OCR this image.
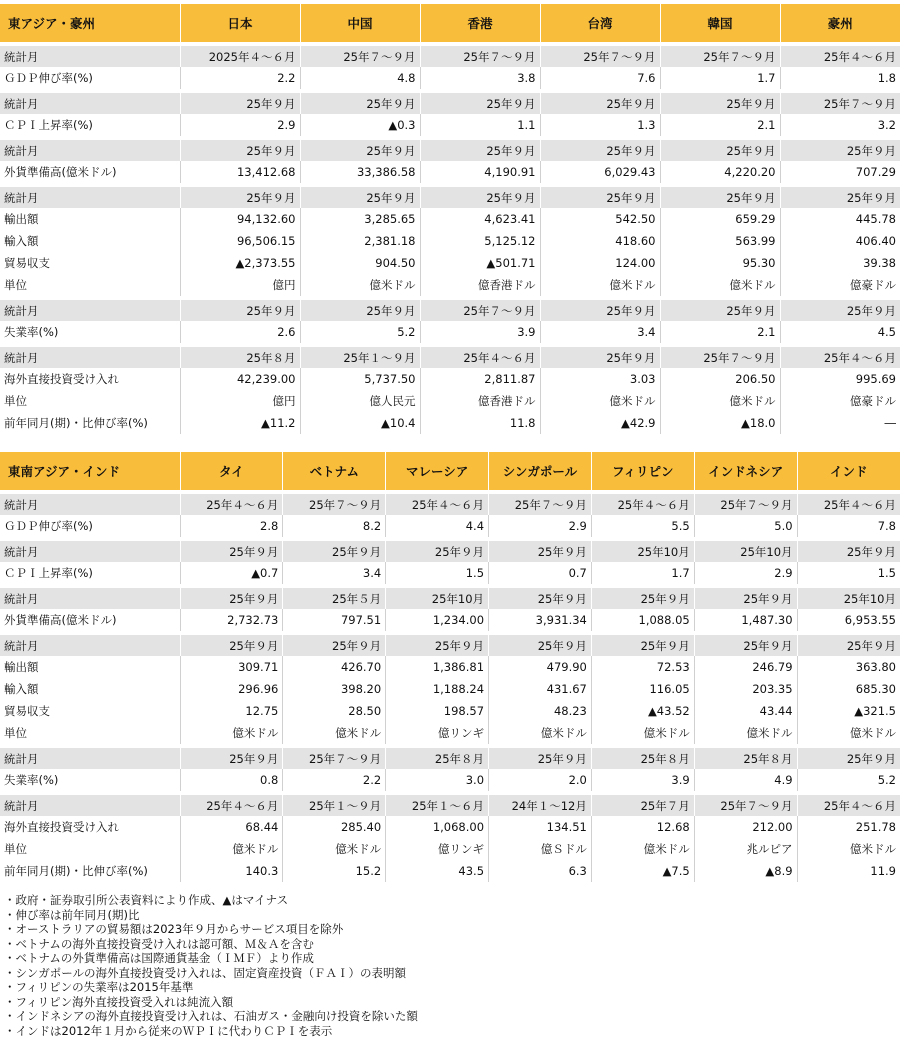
東アジア・豪州	日本	中国	香港	台湾	韓国	豪州
統計月	2025年４～６月	25年７～９月	25年７～９月	25年７～９月	25年７～９月	25年４～６月
ＧＤＰ伸び率(%)	2.2	4.8	3.8	7.6	1.7	1.8
統計月	25年９月	25年９月	25年９月	25年９月	25年９月	25年７～９月
ＣＰＩ上昇率(%)	2.9	▲0.3	1.1	1.3	2.1	3.2
統計月	25年９月	25年９月	25年９月	25年９月	25年９月	25年９月
外貨準備高(億米ドル)	13,412.68	33,386.58	4,190.91	6,029.43	4,220.20	707.29
統計月	25年９月	25年９月	25年９月	25年９月	25年９月	25年９月
輸出額	94,132.60	3,285.65	4,623.41	542.50	659.29	445.78
輸入額	96,506.15	2,381.18	5,125.12	418.60	563.99	406.40
貿易収支	▲2,373.55	904.50	▲501.71	124.00	95.30	39.38
単位	億円	億米ドル	億香港ドル	億米ドル	億米ドル	億豪ドル
統計月	25年９月	25年９月	25年７～９月	25年９月	25年９月	25年９月
失業率(%)	2.6	5.2	3.9	3.4	2.1	4.5
統計月	25年８月	25年１～９月	25年４～６月	25年９月	25年７～９月	25年４～６月
海外直接投資受け入れ	42,239.00	5,737.50	2,811.87	3.03	206.50	995.69
単位	億円	億人民元	億香港ドル	億米ドル	億米ドル	億豪ドル
前年同月(期)・比伸び率(%)	▲11.2	▲10.4	11.8	▲42.9	▲18.0	―
東南アジア・インド	タイ	ベトナム	マレーシア	シンガポール	フィリピン	インドネシア	インド
統計月	25年４～６月	25年７～９月	25年４～６月	25年７～９月	25年４～６月	25年７～９月	25年４～６月
ＧＤＰ伸び率(%)	2.8	8.2	4.4	2.9	5.5	5.0	7.8
統計月	25年９月	25年９月	25年９月	25年９月	25年10月	25年10月	25年９月
ＣＰＩ上昇率(%)	▲0.7	3.4	1.5	0.7	1.7	2.9	1.5
統計月	25年９月	25年５月	25年10月	25年９月	25年９月	25年９月	25年10月
外貨準備高(億米ドル)	2,732.73	797.51	1,234.00	3,931.34	1,088.05	1,487.30	6,953.55
統計月	25年９月	25年９月	25年９月	25年９月	25年９月	25年９月	25年９月
輸出額	309.71	426.70	1,386.81	479.90	72.53	246.79	363.80
輸入額	296.96	398.20	1,188.24	431.67	116.05	203.35	685.30
貿易収支	12.75	28.50	198.57	48.23	▲43.52	43.44	▲321.5
単位	億米ドル	億米ドル	億リンギ	億米ドル	億米ドル	億米ドル	億米ドル
統計月	25年９月	25年７～９月	25年８月	25年９月	25年８月	25年８月	25年９月
失業率(%)	0.8	2.2	3.0	2.0	3.9	4.9	5.2
統計月	25年４～６月	25年１～９月	25年１～６月	24年１～12月	25年７月	25年７～９月	25年４～６月
海外直接投資受け入れ	68.44	285.40	1,068.00	134.51	12.68	212.00	251.78
単位	億米ドル	億米ドル	億リンギ	億Ｓドル	億米ドル	兆ルピア	億米ドル
前年同月(期)・比伸び率(%)	140.3	15.2	43.5	6.3	▲7.5	▲8.9	11.9
・政府・証券取引所公表資料により作成、▲はマイナス
・伸び率は前年同月(期)比
・オーストラリアの貿易額は2023年９月からサービス項目を除外
・ベトナムの海外直接投資受け入れは認可額、Ｍ＆Ａを含む
・ベトナムの外貨準備高は国際通貨基金（ＩＭＦ）より作成
・シンガポールの海外直接投資受け入れは、固定資産投資（ＦＡＩ）の表明額
・フィリピンの失業率は2015年基準
・フィリピン海外直接投資受入れは純流入額
・インドネシアの海外直接投資受け入れは、石油ガス・金融向け投資を除いた額
・インドは2012年１月から従来のＷＰＩに代わりＣＰＩを表示
